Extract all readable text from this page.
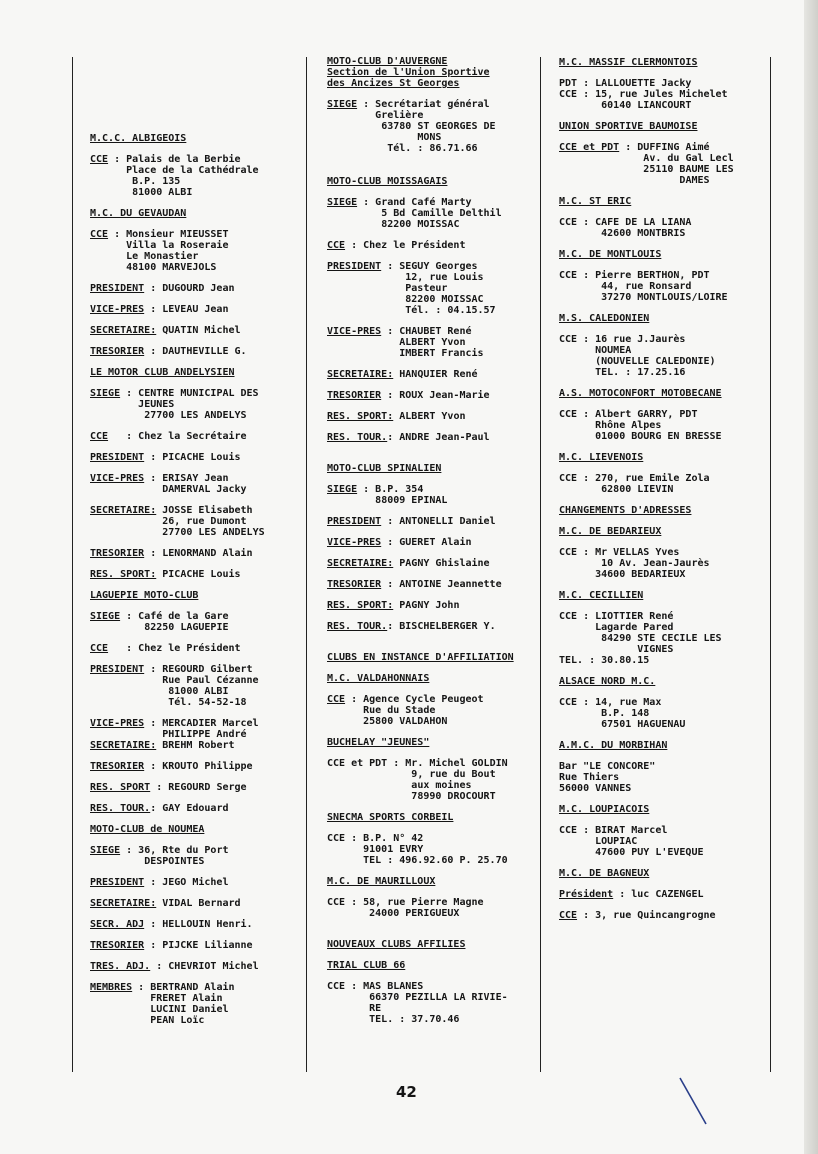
M.C.C. ALBIGEOIS
CCE : Palais de la Berbie
Place de la Cathédrale
B.P. 135
81000 ALBI
M.C. DU GEVAUDAN
CCE : Monsieur MIEUSSET
Villa la Roseraie
Le Monastier
48100 MARVEJOLS
PRESIDENT : DUGOURD Jean
VICE-PRES : LEVEAU Jean
SECRETAIRE:
QUATIN Michel
TRESORIER : DAUTHEVILLE G.
LE MOTOR CLUB ANDELYSIEN
SIEGE : CENTRE MUNICIPAL DES
JEUNES
27700 LES ANDELYS
CCE : Chez la Secrétaire
PRESIDENT : PICACHE Louis
VICE-PRES : ERISAY Jean
DAMERVAL Jacky
SECRETAIRE:
JOSSE Elisabeth
26, rue Dumont
27700 LES ANDELYS
TRESORIER : LENORMAND Alain
RES. SPORT:
PICACHE Louis
LAGUEPIE MOTO-CLUB
SIEGE : Café de la Gare
82250 LAGUEPIE
CCE : Chez le Président
PRESIDENT : REGOURD Gilbert
Rue Paul Cézanne
81000 ALBI
Tél. 54-52-18
VICE-PRES : MERCADIER Marcel
PHILIPPE André
SECRETAIRE:
BREHM Robert
TRESORIER : KROUTO Philippe
RES. SPORT : REGOURD Serge
RES. TOUR. : GAY Edouard
MOTO-CLUB de NOUMEA
SIEGE : 36, Rte du Port
DESPOINTES
PRESIDENT : JEGO Michel
SECRETAIRE:
VIDAL Bernard
SECR. ADJ : HELLOUIN Henri.
TRESORIER : PIJCKE Lilianne
TRES. ADJ. : CHEVRIOT Michel
MEMBRES : BERTRAND Alain
FRERET Alain
LUCINI Daniel
PEAN Loïc
MOTO-CLUB D'AUVERGNE
Section de l'Union Sportive
des Ancizes St Georges
SIEGE : Secrétariat général
Grelière
63780 ST GEORGES DE
MONS
Tél. : 86.71.66
MOTO-CLUB MOISSAGAIS
SIEGE : Grand Café Marty
5 Bd Camille Delthil
82200 MOISSAC
CCE : Chez le Président
PRESIDENT : SEGUY Georges
12, rue Louis
Pasteur
82200 MOISSAC
Tél. : 04.15.57
VICE-PRES : CHAUBET René
ALBERT Yvon
IMBERT Francis
SECRETAIRE:
HANQUIER René
TRESORIER : ROUX Jean-Marie
RES. SPORT:
ALBERT Yvon
RES. TOUR. : ANDRE Jean-Paul
MOTO-CLUB SPINALIEN
SIEGE : B.P. 354
88009 EPINAL
PRESIDENT : ANTONELLI Daniel
VICE-PRES : GUERET Alain
SECRETAIRE:
PAGNY Ghislaine
TRESORIER : ANTOINE Jeannette
RES. SPORT:
PAGNY John
RES. TOUR. : BISCHELBERGER Y.
CLUBS EN INSTANCE D'AFFILIATION
M.C. VALDAHONNAIS
CCE : Agence Cycle Peugeot
Rue du Stade
25800 VALDAHON
BUCHELAY "JEUNES"
CCE et PDT : Mr. Michel GOLDIN
9, rue du Bout
aux moines
78990 DROCOURT
SNECMA SPORTS CORBEIL
CCE : B.P. N° 42
91001 EVRY
TEL : 496.92.60 P. 25.70
M.C. DE MAURILLOUX
CCE : 58, rue Pierre Magne
24000 PERIGUEUX
NOUVEAUX CLUBS AFFILIES
TRIAL CLUB 66
CCE : MAS BLANES
66370 PEZILLA LA RIVIE-
RE
TEL. : 37.70.46
M.C. MASSIF CLERMONTOIS
PDT : LALLOUETTE Jacky
CCE : 15, rue Jules Michelet
60140 LIANCOURT
UNION SPORTIVE BAUMOISE
CCE et PDT : DUFFING Aimé
Av. du Gal Lecl
25110 BAUME LES
DAMES
M.C. ST ERIC
CCE : CAFE DE LA LIANA
42600 MONTBRIS
M.C. DE MONTLOUIS
CCE : Pierre BERTHON, PDT
44, rue Ronsard
37270 MONTLOUIS/LOIRE
M.S. CALEDONIEN
CCE : 16 rue J.Jaurès
NOUMEA
(NOUVELLE CALEDONIE)
TEL. : 17.25.16
A.S. MOTOCONFORT MOTOBECANE
CCE : Albert GARRY, PDT
Rhône Alpes
01000 BOURG EN BRESSE
M.C. LIEVENOIS
CCE : 270, rue Emile Zola
62800 LIEVIN
CHANGEMENTS D'ADRESSES
M.C. DE BEDARIEUX
CCE : Mr VELLAS Yves
10 Av. Jean-Jaurès
34600 BEDARIEUX
M.C. CECILLIEN
CCE : LIOTTIER René
Lagarde Pared
84290 STE CECILE LES
VIGNES
TEL. : 30.80.15
ALSACE NORD M.C.
CCE : 14, rue Max
B.P. 148
67501 HAGUENAU
A.M.C. DU MORBIHAN
Bar "LE CONCORE"
Rue Thiers
56000 VANNES
M.C. LOUPIACOIS
CCE : BIRAT Marcel
LOUPIAC
47600 PUY L'EVEQUE
M.C. DE BAGNEUX
Président : luc CAZENGEL
CCE : 3, rue Quincangrogne
42
